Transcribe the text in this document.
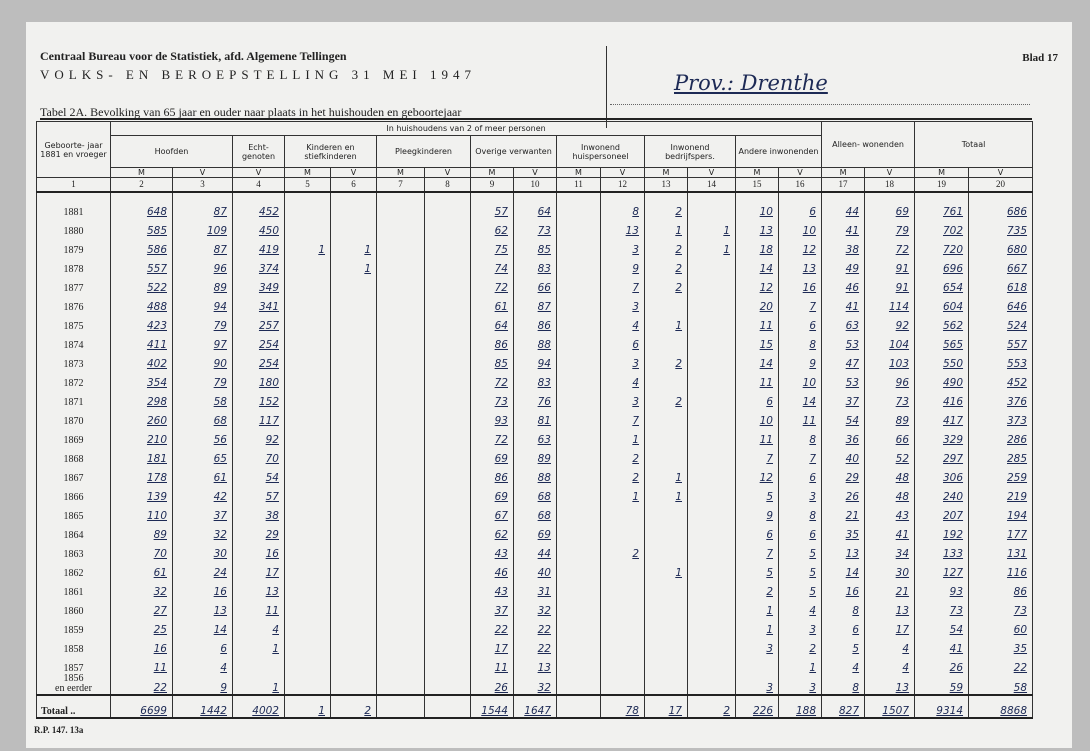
Centraal Bureau voor de Statistiek, afd. Algemene Tellingen
VOLKS- EN BEROEPSTELLING 31 MEI 1947	Prov.: Drenthe
Blad 17
Tabel 2A. Bevolking van 65 jaar en ouder naar plaats in het huishouden en geboortejaar
Geboorte- jaar 1881 en vroeger	In huishoudens van 2 of meer personen															Alleen- wonenden		Totaal	
	Hoofden		Echt- genoten	Kinderen en stiefkinderen		Pleegkinderen		Overige verwanten		Inwonend huispersoneel		Inwonend bedrijfspers.		Andere inwonenden					
	M	V	V	M	V	M	V	M	V	M	V	M	V	M	V	M	V	M	V
1	2	3	4	5	6	7	8	9	10	11	12	13	14	15	16	17	18	19	20

1881	648	87	452					57	64		8	2		10	6	44	69	761	686
1880	585	109	450					62	73		13	1	1	13	10	41	79	702	735
1879	586	87	419	1	1			75	85		3	2	1	18	12	38	72	720	680
1878	557	96	374		1			74	83		9	2		14	13	49	91	696	667
1877	522	89	349					72	66		7	2		12	16	46	91	654	618
1876	488	94	341					61	87		3			20	7	41	114	604	646
1875	423	79	257					64	86		4	1		11	6	63	92	562	524
1874	411	97	254					86	88		6			15	8	53	104	565	557
1873	402	90	254					85	94		3	2		14	9	47	103	550	553
1872	354	79	180					72	83		4			11	10	53	96	490	452
1871	298	58	152					73	76		3	2		6	14	37	73	416	376
1870	260	68	117					93	81		7			10	11	54	89	417	373
1869	210	56	92					72	63		1			11	8	36	66	329	286
1868	181	65	70					69	89		2			7	7	40	52	297	285
1867	178	61	54					86	88		2	1		12	6	29	48	306	259
1866	139	42	57					69	68		1	1		5	3	26	48	240	219
1865	110	37	38					67	68					9	8	21	43	207	194
1864	89	32	29					62	69					6	6	35	41	192	177
1863	70	30	16					43	44		2			7	5	13	34	133	131
1862	61	24	17					46	40			1		5	5	14	30	127	116
1861	32	16	13					43	31					2	5	16	21	93	86
1860	27	13	11					37	32					1	4	8	13	73	73
1859	25	14	4					22	22					1	3	6	17	54	60
1858	16	6	1					17	22					3	2	5	4	41	35
1857	11	4						11	13						1	4	4	26	22
1856
en eerder	22	9	1					26	32					3	3	8	13	59	58
Totaal ..	6699	1442	4002	1	2			1544	1647		78	17	2	226	188	827	1507	9314	8868
R.P. 147. 13a
